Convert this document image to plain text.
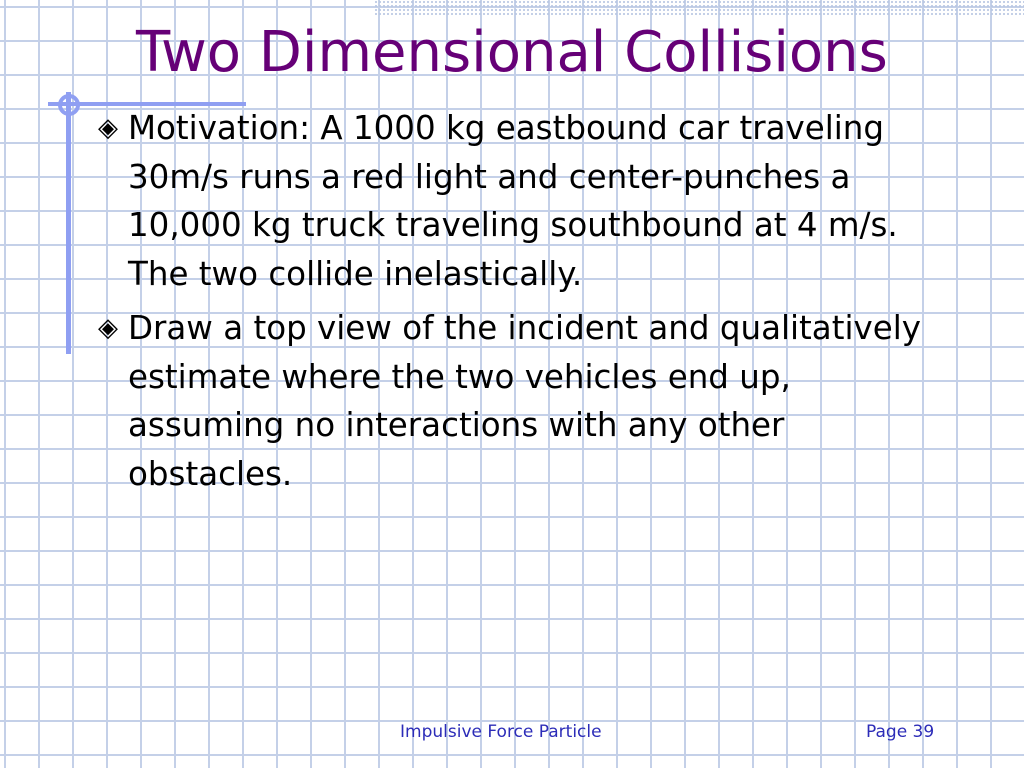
Two Dimensional Collisions
◈ Motivation: A 1000 kg eastbound car traveling 30m/s runs a red light and center-punches a 10,000 kg truck traveling southbound at 4 m/s. The two collide inelastically.
◈ Draw a top view of the incident and qualitatively estimate where the two vehicles end up, assuming no interactions with any other obstacles.
Impulsive Force Particle	Page 39
